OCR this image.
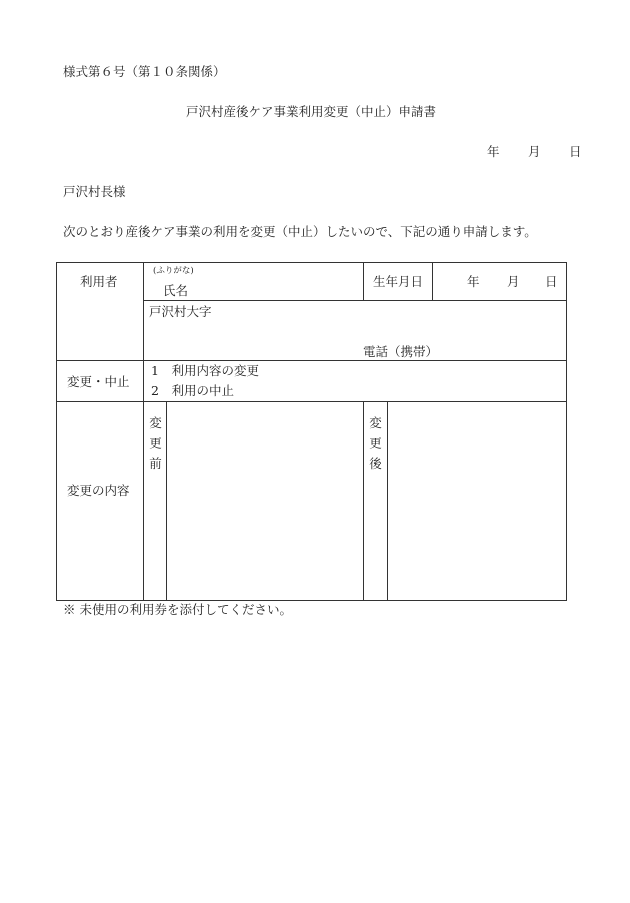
様式第６号（第１０条関係）
戸沢村産後ケア事業利用変更（中止）申請書
年 月 日
戸沢村長様
次のとおり産後ケア事業の利用を変更（中止）したいので、下記の通り申請します。
利用者
(ふりがな)
氏名
生年月日	年 月 日
戸沢村大字
電話（携帯）
変更・中止
1　利用内容の変更
2　利用の中止
変更の内容
変更前	変更後
※ 未使用の利用券を添付してください。
